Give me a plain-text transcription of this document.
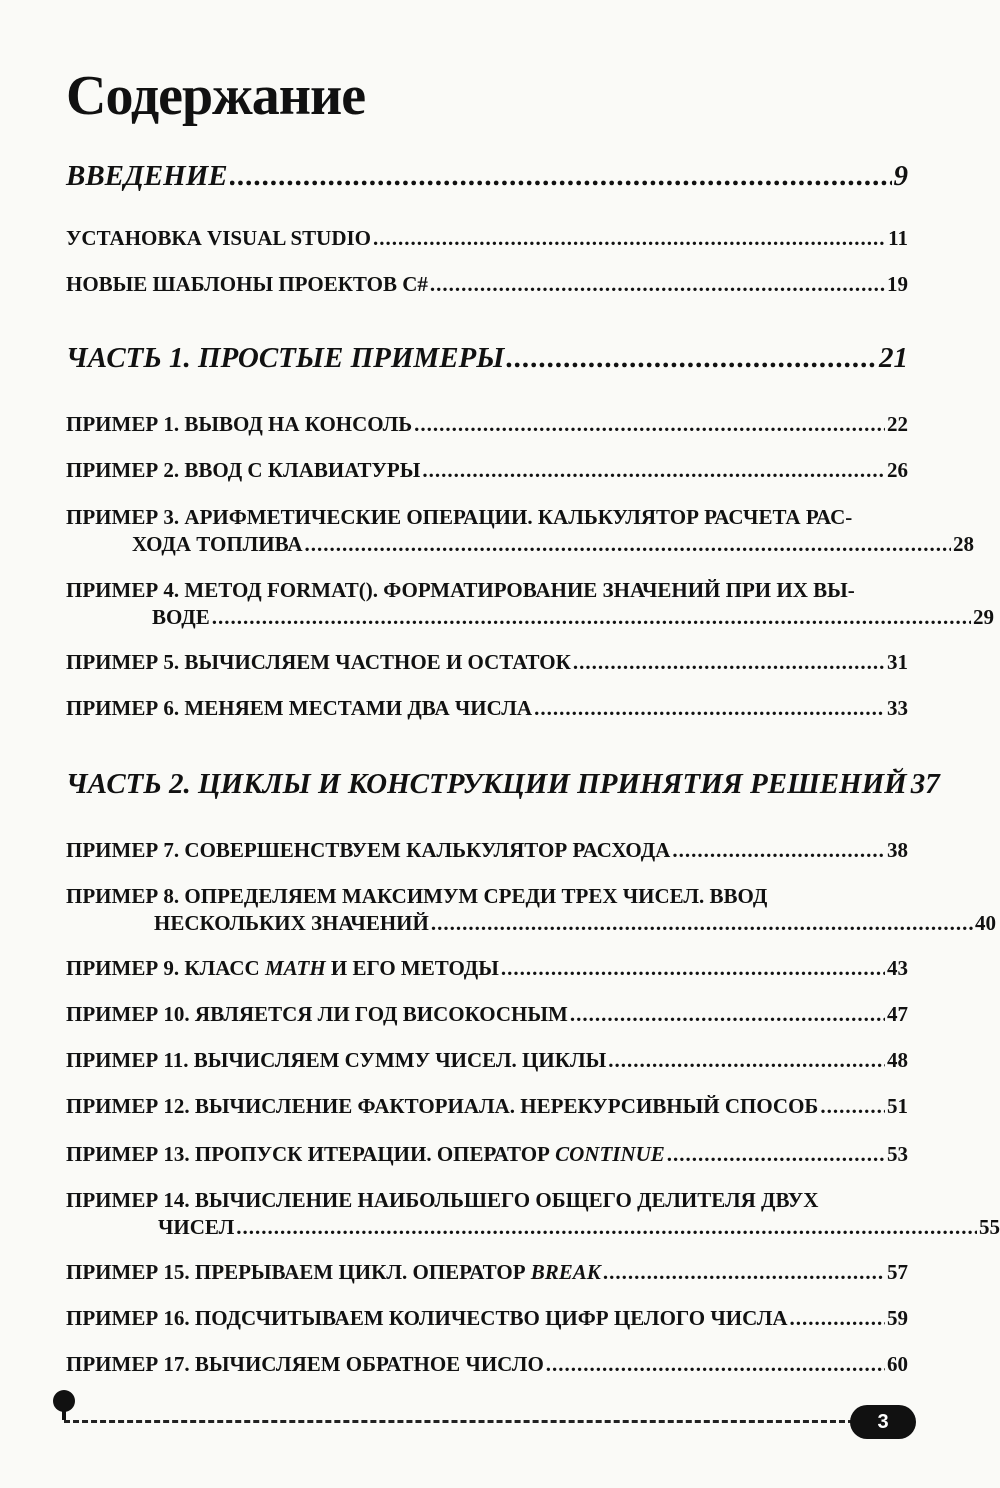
Содержание
ВВЕДЕНИЕ .....	9
УСТАНОВКА VISUAL STUDIO .....	11
НОВЫЕ ШАБЛОНЫ ПРОЕКТОВ C# .....	19
ЧАСТЬ 1. ПРОСТЫЕ ПРИМЕРЫ .....	21
ПРИМЕР 1. ВЫВОД НА КОНСОЛЬ .....	22
ПРИМЕР 2. ВВОД С КЛАВИАТУРЫ .....	26
ПРИМЕР 3. АРИФМЕТИЧЕСКИЕ ОПЕРАЦИИ. КАЛЬКУЛЯТОР РАСЧЕТА РАС-
ХОДА ТОПЛИВА .....	28
ПРИМЕР 4. МЕТОД FORMAT(). ФОРМАТИРОВАНИЕ ЗНАЧЕНИЙ ПРИ ИХ ВЫ-
ВОДЕ .....	29
ПРИМЕР 5. ВЫЧИСЛЯЕМ ЧАСТНОЕ И ОСТАТОК .....	31
ПРИМЕР 6. МЕНЯЕМ МЕСТАМИ ДВА ЧИСЛА .....	33
ЧАСТЬ 2. ЦИКЛЫ И КОНСТРУКЦИИ ПРИНЯТИЯ РЕШЕНИЙ 37
ПРИМЕР 7. СОВЕРШЕНСТВУЕМ КАЛЬКУЛЯТОР РАСХОДА .....	38
ПРИМЕР 8. ОПРЕДЕЛЯЕМ МАКСИМУМ СРЕДИ ТРЕХ ЧИСЕЛ. ВВОД
НЕСКОЛЬКИХ ЗНАЧЕНИЙ .....	40
ПРИМЕР 9. КЛАСС MATH И ЕГО МЕТОДЫ .....	43
ПРИМЕР 10. ЯВЛЯЕТСЯ ЛИ ГОД ВИСОКОСНЫМ .....	47
ПРИМЕР 11. ВЫЧИСЛЯЕМ СУММУ ЧИСЕЛ. ЦИКЛЫ .....	48
ПРИМЕР 12. ВЫЧИСЛЕНИЕ ФАКТОРИАЛА. НЕРЕКУРСИВНЫЙ СПОСОБ .....	51
ПРИМЕР 13. ПРОПУСК ИТЕРАЦИИ. ОПЕРАТОР CONTINUE .....	53
ПРИМЕР 14. ВЫЧИСЛЕНИЕ НАИБОЛЬШЕГО ОБЩЕГО ДЕЛИТЕЛЯ ДВУХ
ЧИСЕЛ .....	55
ПРИМЕР 15. ПРЕРЫВАЕМ ЦИКЛ. ОПЕРАТОР BREAK .....	57
ПРИМЕР 16. ПОДСЧИТЫВАЕМ КОЛИЧЕСТВО ЦИФР ЦЕЛОГО ЧИСЛА .....	59
ПРИМЕР 17. ВЫЧИСЛЯЕМ ОБРАТНОЕ ЧИСЛО .....	60
3
